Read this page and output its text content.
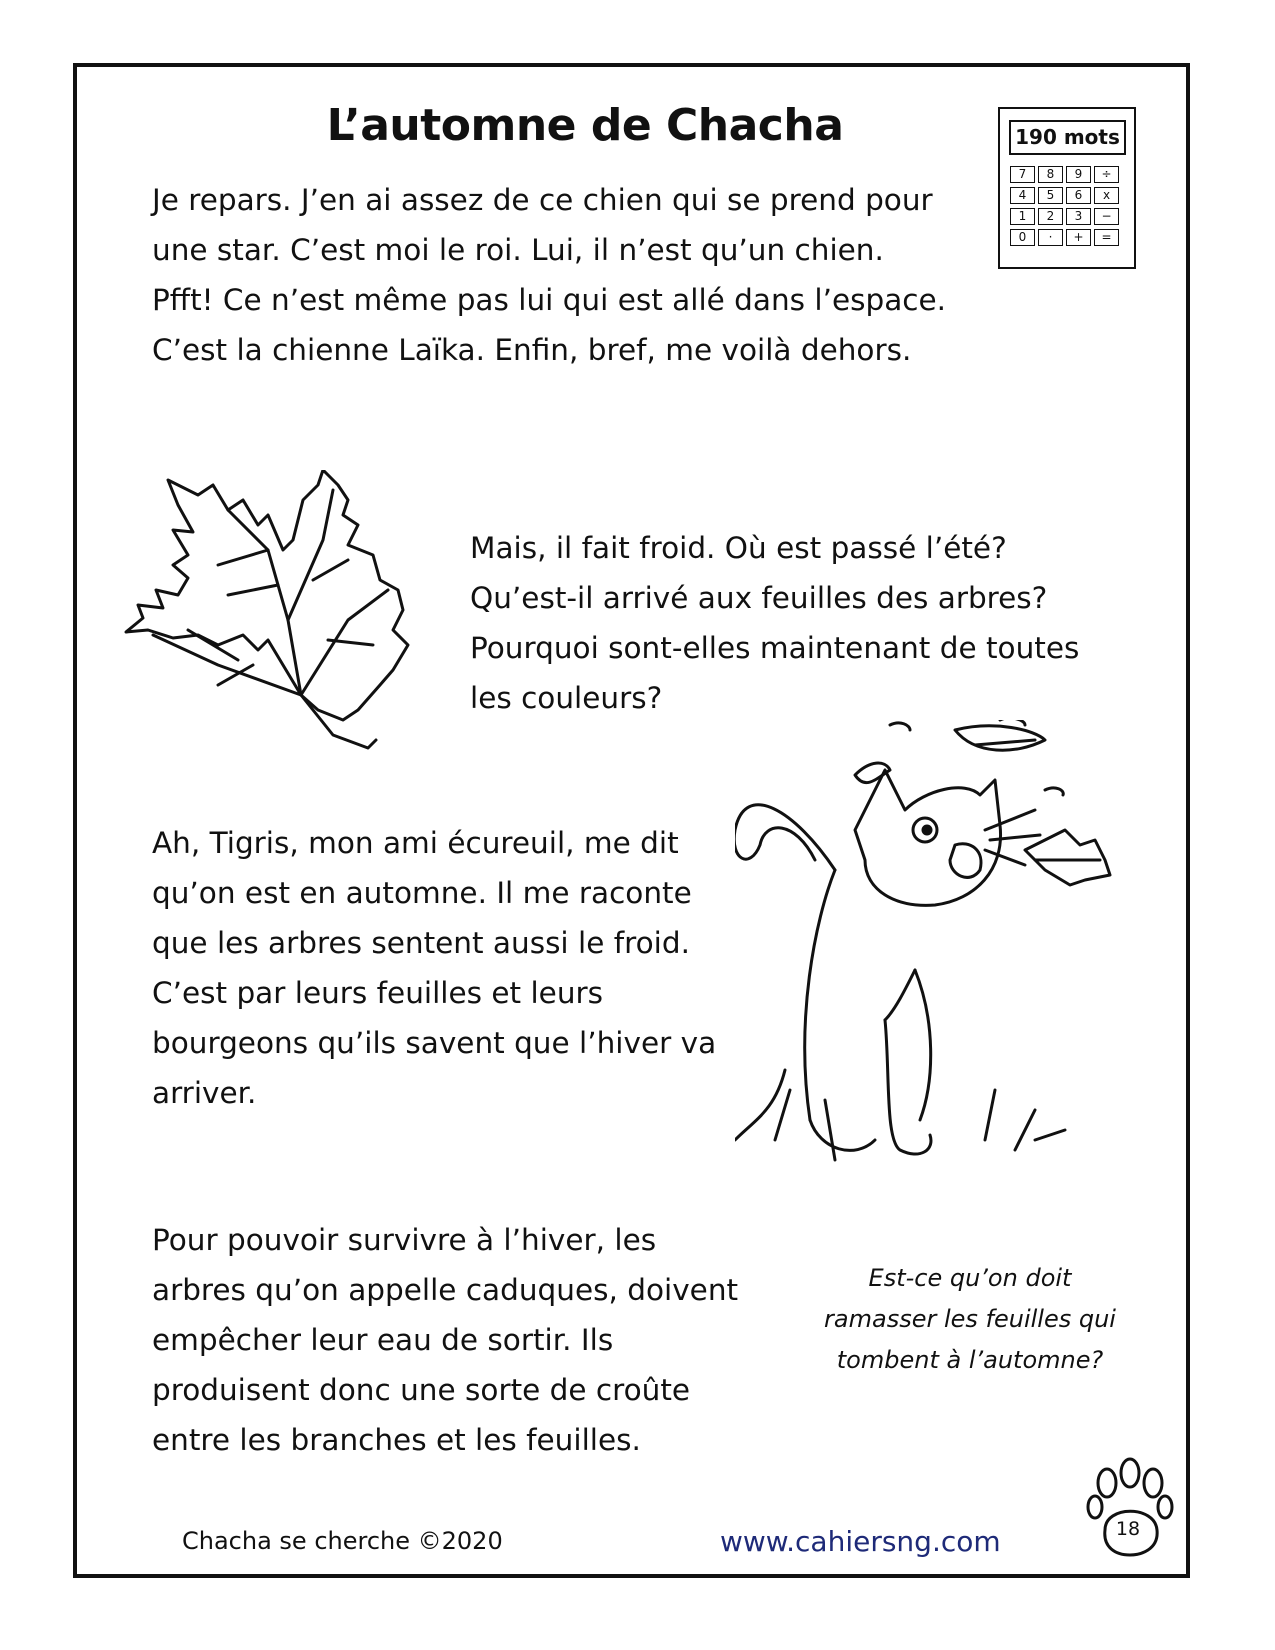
L’automne de Chacha	190 mots
7	8	9	÷
4	5	6	x
1	2	3	−
0	·	+	=

Je repars. J’en ai assez de ce chien qui se prend pour une star. C’est moi le roi. Lui, il n’est qu’un chien. Pfft! Ce n’est même pas lui qui est allé dans l’espace. C’est la chienne Laïka. Enfin, bref, me voilà dehors.

Mais, il fait froid. Où est passé l’été? Qu’est-il arrivé aux feuilles des arbres? Pourquoi sont-elles maintenant de toutes les couleurs?

Ah, Tigris, mon ami écureuil, me dit qu’on est en automne. Il me raconte que les arbres sentent aussi le froid. C’est par leurs feuilles et leurs bourgeons qu’ils savent que l’hiver va arriver.

Pour pouvoir survivre à l’hiver, les arbres qu’on appelle caduques, doivent empêcher leur eau de sortir. Ils produisent donc une sorte de croûte entre les branches et les feuilles.

Est-ce qu’on doit ramasser les feuilles qui tombent à l’automne?
Chacha se cherche ©2020	www.cahiersng.com	18
